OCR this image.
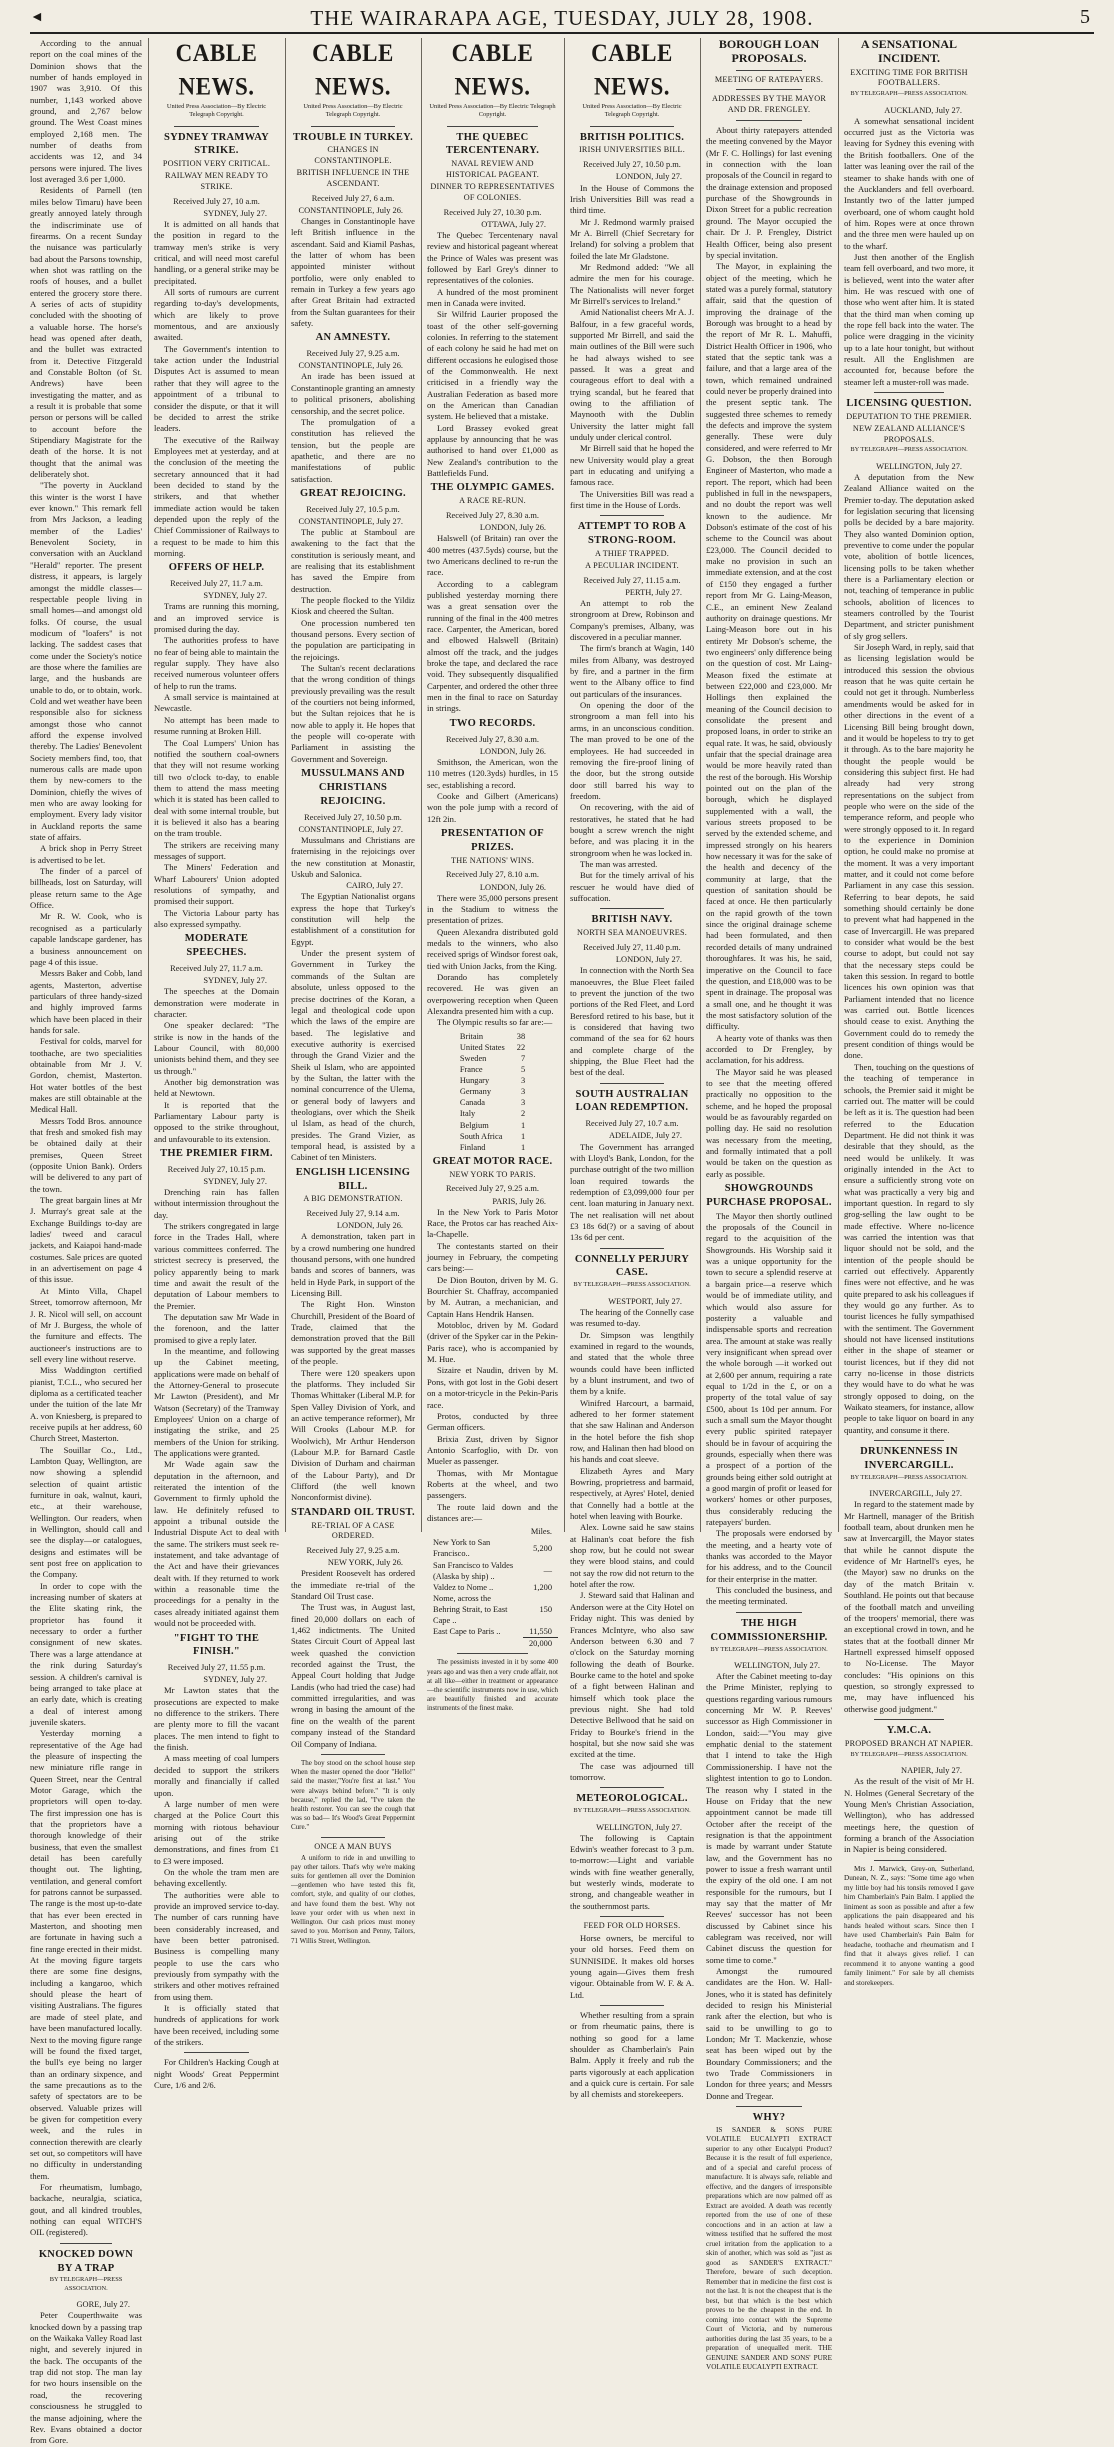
◄	THE WAIRARAPA AGE, TUESDAY, JULY 28, 1908.	5

According to the annual report on the coal mines of the Dominion shows that the number of hands employed in 1907 was 3,910. Of this number, 1,143 worked above ground, and 2,767 below ground. The West Coast mines employed 2,168 men. The number of deaths from accidents was 12, and 34 persons were injured. The lives lost averaged 3.6 per 1,000.

Residents of Parnell (ten miles below Timaru) have been greatly annoyed lately through the indiscriminate use of firearms. On a recent Sunday the nuisance was particularly bad about the Parsons township, when shot was rattling on the roofs of houses, and a bullet entered the grocery store there. A series of acts of stupidity concluded with the shooting of a valuable horse. The horse's head was opened after death, and the bullet was extracted from it. Detective Fitzgerald and Constable Bolton (of St. Andrews) have been investigating the matter, and as a result it is probable that some person or persons will be called to account before the Stipendiary Magistrate for the death of the horse. It is not thought that the animal was deliberately shot.

"The poverty in Auckland this winter is the worst I have ever known." This remark fell from Mrs Jackson, a leading member of the Ladies' Benevolent Society, in conversation with an Auckland "Herald" reporter. The present distress, it appears, is largely amongst the middle classes—respectable people living in small homes—and amongst old folks. Of course, the usual modicum of "loafers" is not lacking. The saddest cases that come under the Society's notice are those where the families are large, and the husbands are unable to do, or to obtain, work. Cold and wet weather have been responsible also for sickness amongst those who cannot afford the expense involved thereby. The Ladies' Benevolent Society members find, too, that numerous calls are made upon them by new-comers to the Dominion, chiefly the wives of men who are away looking for employment. Every lady visitor in Auckland reports the same state of affairs.

A brick shop in Perry Street is advertised to be let.

The finder of a parcel of billheads, lost on Saturday, will please return same to the Age Office.

Mr R. W. Cook, who is recognised as a particularly capable landscape gardener, has a business announcement on page 4 of this issue.

Messrs Baker and Cobb, land agents, Masterton, advertise particulars of three handy-sized and highly improved farms which have been placed in their hands for sale.

Festival for colds, marvel for toothache, are two specialities obtainable from Mr J. V. Gordon, chemist, Masterton. Hot water bottles of the best makes are still obtainable at the Medical Hall.

Messrs Todd Bros. announce that fresh and smoked fish may be obtained daily at their premises, Queen Street (opposite Union Bank). Orders will be delivered to any part of the town.

The great bargain lines at Mr J. Murray's great sale at the Exchange Buildings to-day are ladies' tweed and caracul jackets, and Kaiapoi hand-made costumes. Sale prices are quoted in an advertisement on page 4 of this issue.

At Minto Villa, Chapel Street, tomorrow afternoon, Mr J. R. Nicol will sell, on account of Mr J. Burgess, the whole of the furniture and effects. The auctioneer's instructions are to sell every line without reserve.

Miss Waddington certified pianist, T.C.L., who secured her diploma as a certificated teacher under the tuition of the late Mr A. von Kniesberg, is prepared to receive pupils at her address, 60 Church Street, Masterton.

The Souillar Co., Ltd., Lambton Quay, Wellington, are now showing a splendid selection of quaint artistic furniture in oak, walnut, kauri, etc., at their warehouse, Wellington. Our readers, when in Wellington, should call and see the display—or catalogues, designs and estimates will be sent post free on application to the Company.

In order to cope with the increasing number of skaters at the Elite skating rink, the proprietor has found it necessary to order a further consignment of new skates. There was a large attendance at the rink during Saturday's session. A children's carnival is being arranged to take place at an early date, which is creating a deal of interest among juvenile skaters.

Yesterday morning a representative of the Age had the pleasure of inspecting the new miniature rifle range in Queen Street, near the Central Motor Garage, which the proprietors will open to-day. The first impression one has is that the proprietors have a thorough knowledge of their business, that even the smallest detail has been carefully thought out. The lighting, ventilation, and general comfort for patrons cannot be surpassed. The range is the most up-to-date that has ever been erected in Masterton, and shooting men are fortunate in having such a fine range erected in their midst. At the moving figure targets there are some fine designs, including a kangaroo, which should please the heart of visiting Australians. The figures are made of steel plate, and have been manufactured locally. Next to the moving figure range will be found the fixed target, the bull's eye being no larger than an ordinary sixpence, and the same precautions as to the safety of spectators are to be observed. Valuable prizes will be given for competition every week, and the rules in connection therewith are clearly set out, so competitors will have no difficulty in understanding them.

For rheumatism, lumbago, backache, neuralgia, sciatica, gout, and all kindred troubles, nothing can equal WITCH'S OIL (registered).

KNOCKED DOWN BY A TRAP
BY TELEGRAPH—PRESS ASSOCIATION.
GORE, July 27.

Peter Couperthwaite was knocked down by a passing trap on the Waikaka Valley Road last night, and severely injured in the back. The occupants of the trap did not stop. The man lay for two hours insensible on the road, the recovering consciousness he struggled to the manse adjoining, where the Rev. Evans obtained a doctor from Gore.

CABLE NEWS.
United Press Association—By Electric Telegraph Copyright.
SYDNEY TRAMWAY STRIKE.
POSITION VERY CRITICAL.
RAILWAY MEN READY TO STRIKE.
Received July 27, 10 a.m.
SYDNEY, July 27.

It is admitted on all hands that the position in regard to the tramway men's strike is very critical, and will need most careful handling, or a general strike may be precipitated.

All sorts of rumours are current regarding to-day's developments, which are likely to prove momentous, and are anxiously awaited.

The Government's intention to take action under the Industrial Disputes Act is assumed to mean rather that they will agree to the appointment of a tribunal to consider the dispute, or that it will be decided to arrest the strike leaders.

The executive of the Railway Employees met at yesterday, and at the conclusion of the meeting the secretary announced that it had been decided to stand by the strikers, and that whether immediate action would be taken depended upon the reply of the Chief Commissioner of Railways to a request to be made to him this morning.

OFFERS OF HELP.
Received July 27, 11.7 a.m.
SYDNEY, July 27.

Trams are running this morning, and an improved service is promised during the day.

The authorities profess to have no fear of being able to maintain the regular supply. They have also received numerous volunteer offers of help to run the trams.

A small service is maintained at Newcastle.

No attempt has been made to resume running at Broken Hill.

The Coal Lumpers' Union has notified the southern coal-owners that they will not resume working till two o'clock to-day, to enable them to attend the mass meeting which it is stated has been called to deal with some internal trouble, but it is believed it also has a bearing on the tram trouble.

The strikers are receiving many messages of support.

The Miners' Federation and Wharf Labourers' Union adopted resolutions of sympathy, and promised their support.

The Victoria Labour party has also expressed sympathy.

MODERATE SPEECHES.
Received July 27, 11.7 a.m.
SYDNEY, July 27.

The speeches at the Domain demonstration were moderate in character.

One speaker declared: "The strike is now in the hands of the Labour Council, with 80,000 unionists behind them, and they see us through."

Another big demonstration was held at Newtown.

It is reported that the Parliamentary Labour party is opposed to the strike throughout, and unfavourable to its extension.

THE PREMIER FIRM.
Received July 27, 10.15 p.m.
SYDNEY, July 27.

Drenching rain has fallen without intermission throughout the day.

The strikers congregated in large force in the Trades Hall, where various committees conferred. The strictest secrecy is preserved, the policy apparently being to mark time and await the result of the deputation of Labour members to the Premier.

The deputation saw Mr Wade in the forenoon, and the latter promised to give a reply later.

In the meantime, and following up the Cabinet meeting, applications were made on behalf of the Attorney-General to prosecute Mr Lawton (President), and Mr Watson (Secretary) of the Tramway Employees' Union on a charge of instigating the strike, and 25 members of the Union for striking. The applications were granted.

Mr Wade again saw the deputation in the afternoon, and reiterated the intention of the Government to firmly uphold the law. He definitely refused to appoint a tribunal outside the Industrial Dispute Act to deal with the same. The strikers must seek re-instatement, and take advantage of the Act and have their grievances dealt with. If they returned to work within a reasonable time the proceedings for a penalty in the cases already initiated against them would not be proceeded with.

"FIGHT TO THE FINISH."
Received July 27, 11.55 p.m.
SYDNEY, July 27.

Mr Lawton states that the prosecutions are expected to make no difference to the strikers. There are plenty more to fill the vacant places. The men intend to fight to the finish.

A mass meeting of coal lumpers decided to support the strikers morally and financially if called upon.

A large number of men were charged at the Police Court this morning with riotous behaviour arising out of the strike demonstrations, and fines from £1 to £3 were imposed.

On the whole the tram men are behaving excellently.

The authorities were able to provide an improved service to-day. The number of cars running have been considerably increased, and have been better patronised. Business is compelling many people to use the cars who previously from sympathy with the strikers and other motives refrained from using them.

It is officially stated that hundreds of applications for work have been received, including some of the strikers.

For Children's Hacking Cough at night Woods' Great Peppermint Cure, 1/6 and 2/6.

CABLE NEWS.
United Press Association—By Electric Telegraph Copyright.
TROUBLE IN TURKEY.
CHANGES IN CONSTANTINOPLE.
BRITISH INFLUENCE IN THE ASCENDANT.
Received July 27, 6 a.m.
CONSTANTINOPLE, July 26.

Changes in Constantinople have left British influence in the ascendant. Said and Kiamil Pashas, the latter of whom has been appointed minister without portfolio, were only enabled to remain in Turkey a few years ago after Great Britain had extracted from the Sultan guarantees for their safety.

AN AMNESTY.
Received July 27, 9.25 a.m.
CONSTANTINOPLE, July 26.

An irade has been issued at Constantinople granting an amnesty to political prisoners, abolishing censorship, and the secret police.

The promulgation of a constitution has relieved the tension, but the people are apathetic, and there are no manifestations of public satisfaction.

GREAT REJOICING.
Received July 27, 10.5 p.m.
CONSTANTINOPLE, July 27.

The public at Stamboul are awakening to the fact that the constitution is seriously meant, and are realising that its establishment has saved the Empire from destruction.

The people flocked to the Yildiz Kiosk and cheered the Sultan.

One procession numbered ten thousand persons. Every section of the population are participating in the rejoicings.

The Sultan's recent declarations that the wrong condition of things previously prevailing was the result of the courtiers not being informed, but the Sultan rejoices that he is now able to apply it. He hopes that the people will co-operate with Parliament in assisting the Government and Sovereign.

MUSSULMANS AND CHRISTIANS REJOICING.
Received July 27, 10.50 p.m.
CONSTANTINOPLE, July 27.

Mussulmans and Christians are fraternising in the rejoicings over the new constitution at Monastir, Uskub and Salonica.

CAIRO, July 27.

The Egyptian Nationalist organs express the hope that Turkey's constitution will help the establishment of a constitution for Egypt.

Under the present system of Government in Turkey the commands of the Sultan are absolute, unless opposed to the precise doctrines of the Koran, a legal and theological code upon which the laws of the empire are based. The legislative and executive authority is exercised through the Grand Vizier and the Sheik ul Islam, who are appointed by the Sultan, the latter with the nominal concurrence of the Ulema, or general body of lawyers and theologians, over which the Sheik ul Islam, as head of the church, presides. The Grand Vizier, as temporal head, is assisted by a Cabinet of ten Ministers.

ENGLISH LICENSING BILL.
A BIG DEMONSTRATION.
Received July 27, 9.14 a.m.
LONDON, July 26.

A demonstration, taken part in by a crowd numbering one hundred thousand persons, with one hundred bands and scores of banners, was held in Hyde Park, in support of the Licensing Bill.

The Right Hon. Winston Churchill, President of the Board of Trade, claimed that the demonstration proved that the Bill was supported by the great masses of the people.

There were 120 speakers upon the platforms. They included Sir Thomas Whittaker (Liberal M.P. for Spen Valley Division of York, and an active temperance reformer), Mr Will Crooks (Labour M.P. for Woolwich), Mr Arthur Henderson (Labour M.P. for Barnard Castle Division of Durham and chairman of the Labour Party), and Dr Clifford (the well known Nonconformist divine).

STANDARD OIL TRUST.
RE-TRIAL OF A CASE ORDERED.
Received July 27, 9.25 a.m.
NEW YORK, July 26.

President Roosevelt has ordered the immediate re-trial of the Standard Oil Trust case.

The Trust was, in August last, fined 20,000 dollars on each of 1,462 indictments. The United States Circuit Court of Appeal last week quashed the conviction recorded against the Trust, the Appeal Court holding that Judge Landis (who had tried the case) had committed irregularities, and was wrong in basing the amount of the fine on the wealth of the parent company instead of the Standard Oil Company of Indiana.

The boy stood on the school house step When the master opened the door "Hello!" said the master,"You're first at last." You were always behind before." "It is only because," replied the lad, "I've taken the health restorer. You can see the cough that was so bad— It's Wood's Great Peppermint Cure."

ONCE A MAN BUYS

A uniform to ride in and unwilling to pay other tailors. That's why we're making suits for gentlemen all over the Dominion—gentlemen who have tested this fit, comfort, style, and quality of our clothes, and have found them the best. Why not leave your order with us when next in Wellington. Our cash prices must money saved to you. Morrison and Penny, Tailors, 71 Willis Street, Wellington.

CABLE NEWS.
United Press Association—By Electric Telegraph Copyright.
THE QUEBEC TERCENTENARY.
NAVAL REVIEW AND HISTORICAL PAGEANT.
DINNER TO REPRESENTATIVES OF COLONIES.
Received July 27, 10.30 p.m.
OTTAWA, July 27.

The Quebec Tercentenary naval review and historical pageant whereat the Prince of Wales was present was followed by Earl Grey's dinner to representatives of the colonies.

A hundred of the most prominent men in Canada were invited.

Sir Wilfrid Laurier proposed the toast of the other self-governing colonies. In referring to the statement of each colony he said he had met on different occasions he eulogised those of the Commonwealth. He next criticised in a friendly way the Australian Federation as based more on the American than Canadian system. He believed that a mistake.

Lord Brassey evoked great applause by announcing that he was authorised to hand over £1,000 as New Zealand's contribution to the Battlefields Fund.

THE OLYMPIC GAMES.
A RACE RE-RUN.
Received July 27, 8.30 a.m.
LONDON, July 26.

Halswell (of Britain) ran over the 400 metres (437.5yds) course, but the two Americans declined to re-run the race.

According to a cablegram published yesterday morning there was a great sensation over the running of the final in the 400 metres race. Carpenter, the American, bored and elbowed Halswell (Britain) almost off the track, and the judges broke the tape, and declared the race void. They subsequently disqualified Carpenter, and ordered the other three men in the final to race on Saturday in strings.

TWO RECORDS.
Received July 27, 8.30 a.m.
LONDON, July 26.

Smithson, the American, won the 110 metres (120.3yds) hurdles, in 15 sec, establishing a record.

Cooke and Gilbert (Americans) won the pole jump with a record of 12ft 2in.

PRESENTATION OF PRIZES.
THE NATIONS' WINS.
Received July 27, 8.10 a.m.
LONDON, July 26.

There were 35,000 persons present in the Stadium to witness the presentation of prizes.

Queen Alexandra distributed gold medals to the winners, who also received sprigs of Windsor forest oak, tied with Union Jacks, from the King.

Dorando has completely recovered. He was given an overpowering reception when Queen Alexandra presented him with a cup.

The Olympic results so far are:—

Britain	38
United States	22
Sweden	7
France	5
Hungary	3
Germany	3
Canada	3
Italy	2
Belgium	1
South Africa	1
Finland	1
GREAT MOTOR RACE.
NEW YORK TO PARIS.
Received July 27, 9.25 a.m.
PARIS, July 26.

In the New York to Paris Motor Race, the Protos car has reached Aix-la-Chapelle.

The contestants started on their journey in February, the competing cars being:—

De Dion Bouton, driven by M. G. Bourchier St. Chaffray, accompanied by M. Autran, a mechanician, and Captain Hans Hendrik Hansen.

Motobloc, driven by M. Godard (driver of the Spyker car in the Pekin-Paris race), who is accompanied by M. Hue.

Sizaire et Naudin, driven by M. Pons, with got lost in the Gobi desert on a motor-tricycle in the Pekin-Paris race.

Protos, conducted by three German officers.

Brixia Zust, driven by Signor Antonio Scarfoglio, with Dr. von Mueler as passenger.

Thomas, with Mr Montague Roberts at the wheel, and two passengers.

The route laid down and the distances are:—

	Miles.
New York to San Francisco..	5,200
San Francisco to Valdes (Alaska by ship) ..	—
Valdez to Nome ..	1,200
Nome, across the Behring Strait, to East Cape ..	150
East Cape to Paris ..	11,550
	20,000

The pessimists invested in it by some 400 years ago and was then a very crude affair, not at all like—either in treatment or appearance—the scientific instruments now in use, which are beautifully finished and accurate instruments of the finest make.

CABLE NEWS.
United Press Association—By Electric Telegraph Copyright.
BRITISH POLITICS.
IRISH UNIVERSITIES BILL.
Received July 27, 10.50 p.m.
LONDON, July 27.

In the House of Commons the Irish Universities Bill was read a third time.

Mr J. Redmond warmly praised Mr A. Birrell (Chief Secretary for Ireland) for solving a problem that foiled the late Mr Gladstone.

Mr Redmond added: "We all admire the men for his courage. The Nationalists will never forget Mr Birrell's services to Ireland."

Amid Nationalist cheers Mr A. J. Balfour, in a few graceful words, supported Mr Birrell, and said the main outlines of the Bill were such he had always wished to see passed. It was a great and courageous effort to deal with a trying scandal, but he feared that owing to the affiliation of Maynooth with the Dublin University the latter might fall unduly under clerical control.

Mr Birrell said that he hoped the new University would play a great part in educating and unifying a famous race.

The Universities Bill was read a first time in the House of Lords.

ATTEMPT TO ROB A STRONG-ROOM.
A THIEF TRAPPED.
A PECULIAR INCIDENT.
Received July 27, 11.15 a.m.
PERTH, July 27.

An attempt to rob the strongroom at Drew, Robinson and Company's premises, Albany, was discovered in a peculiar manner.

The firm's branch at Wagin, 140 miles from Albany, was destroyed by fire, and a partner in the firm went to the Albany office to find out particulars of the insurances.

On opening the door of the strongroom a man fell into his arms, in an unconscious condition. The man proved to be one of the employees. He had succeeded in removing the fire-proof lining of the door, but the strong outside door still barred his way to freedom.

On recovering, with the aid of restoratives, he stated that he had bought a screw wrench the night before, and was placing it in the strongroom when he was locked in.

The man was arrested.

But for the timely arrival of his rescuer he would have died of suffocation.

BRITISH NAVY.
NORTH SEA MANOEUVRES.
Received July 27, 11.40 p.m.
LONDON, July 27.

In connection with the North Sea manoeuvres, the Blue Fleet failed to prevent the junction of the two portions of the Red Fleet, and Lord Beresford retired to his base, but it is considered that having two command of the sea for 62 hours and complete charge of the shipping, the Blue Fleet had the best of the deal.

SOUTH AUSTRALIAN LOAN REDEMPTION.
Received July 27, 10.7 a.m.
ADELAIDE, July 27.

The Government has arranged with Lloyd's Bank, London, for the purchase outright of the two million loan required towards the redemption of £3,099,000 four per cent. loan maturing in January next. The net realisation will net about £3 18s 6d(?) or a saving of about 13s 6d per cent.

CONNELLY PERJURY CASE.
BY TELEGRAPH—PRESS ASSOCIATION.
WESTPORT, July 27.

The hearing of the Connelly case was resumed to-day.

Dr. Simpson was lengthily examined in regard to the wounds, and stated that the whole three wounds could have been inflicted by a blunt instrument, and two of them by a knife.

Winifred Harcourt, a barmaid, adhered to her former statement that she saw Halinan and Anderson in the hotel before the fish shop row, and Halinan then had blood on his hands and coat sleeve.

Elizabeth Ayres and Mary Bowring, proprietress and barmaid, respectively, at Ayres' Hotel, denied that Connelly had a bottle at the hotel when leaving with Bourke.

Alex. Lowne said he saw stains at Halinan's coat before the fish shop row, but he could not swear they were blood stains, and could not say the row did not return to the hotel after the row.

J. Steward said that Halinan and Anderson were at the City Hotel on Friday night. This was denied by Frances McIntyre, who also saw Anderson between 6.30 and 7 o'clock on the Saturday morning following the death of Bourke. Bourke came to the hotel and spoke of a fight between Halinan and himself which took place the previous night. She had told Detective Bellwood that he said on Friday to Bourke's friend in the hospital, but she now said she was excited at the time.

The case was adjourned till tomorrow.

METEOROLOGICAL.
BY TELEGRAPH—PRESS ASSOCIATION.
WELLINGTON, July 27.

The following is Captain Edwin's weather forecast to 3 p.m. to-morrow:—Light and variable winds with fine weather generally, but westerly winds, moderate to strong, and changeable weather in the southernmost parts.

FEED FOR OLD HORSES.

Horse owners, be merciful to your old horses. Feed them on SUNNISIDE. It makes old horses young again—Gives them fresh vigour. Obtainable from W. F. & A. Ltd.

Whether resulting from a sprain or from rheumatic pains, there is nothing so good for a lame shoulder as Chamberlain's Pain Balm. Apply it freely and rub the parts vigorously at each application and a quick cure is certain. For sale by all chemists and storekeepers.

BOROUGH LOAN PROPOSALS.
MEETING OF RATEPAYERS.
ADDRESSES BY THE MAYOR AND DR. FRENGLEY.

About thirty ratepayers attended the meeting convened by the Mayor (Mr F. C. Hollings) for last evening in connection with the loan proposals of the Council in regard to the drainage extension and proposed purchase of the Showgrounds in Dixon Street for a public recreation ground. The Mayor occupied the chair. Dr J. P. Frengley, District Health Officer, being also present by special invitation.

The Mayor, in explaining the object of the meeting, which he stated was a purely formal, statutory affair, said that the question of improving the drainage of the Borough was brought to a head by the report of Mr R. L. Mahuffi, District Health Officer in 1906, who stated that the septic tank was a failure, and that a large area of the town, which remained undrained could never be properly drained into the present septic tank. The suggested three schemes to remedy the defects and improve the system generally. These were duly considered, and were referred to Mr G. Dobson, the then Borough Engineer of Masterton, who made a report. The report, which had been published in full in the newspapers, and no doubt the report was well known to the audience. Mr Dobson's estimate of the cost of his scheme to the Council was about £23,000. The Council decided to make no provision in such an immediate extension, and at the cost of £150 they engaged a further report from Mr G. Laing-Meason, C.E., an eminent New Zealand authority on drainage questions. Mr Laing-Meason bore out in his entirety Mr Dobson's scheme, the two engineers' only difference being on the question of cost. Mr Laing-Meason fixed the estimate at between £22,000 and £23,000. Mr Hollings then explained the meaning of the Council decision to consolidate the present and proposed loans, in order to strike an equal rate. It was, he said, obviously unfair that the special drainage area would be more heavily rated than the rest of the borough. His Worship pointed out on the plan of the borough, which he displayed supplemented with a wall, the various streets proposed to be served by the extended scheme, and impressed strongly on his hearers how necessary it was for the sake of the health and decency of the community at large, that the question of sanitation should be faced at once. He then particularly on the rapid growth of the town since the original drainage scheme had been formulated, and then recorded details of many undrained thoroughfares. It was his, he said, imperative on the Council to face the question, and £18,000 was to be spent in drainage. The proposal was a small one, and he thought it was the most satisfactory solution of the difficulty.

A hearty vote of thanks was then accorded to Dr Frengley, by acclamation, for his address.

The Mayor said he was pleased to see that the meeting offered practically no opposition to the scheme, and he hoped the proposal would be as favourably regarded on polling day. He said no resolution was necessary from the meeting, and formally intimated that a poll would be taken on the question as early as possible.

SHOWGROUNDS PURCHASE PROPOSAL.

The Mayor then shortly outlined the proposals of the Council in regard to the acquisition of the Showgrounds. His Worship said it was a unique opportunity for the town to secure a splendid reserve at a bargain price—a reserve which would be of immediate utility, and which would also assure for posterity a valuable and indispensable sports and recreation area. The amount at stake was really very insignificant when spread over the whole borough —it worked out at 2,600 per annum, requiring a rate equal to 1/2d in the £, or on a property of the total value of say £500, about 1s 10d per annum. For such a small sum the Mayor thought every public spirited ratepayer should be in favour of acquiring the grounds, especially when there was a prospect of a portion of the grounds being either sold outright at a good margin of profit or leased for workers' homes or other purposes, thus considerably reducing the ratepayers' burden.

The proposals were endorsed by the meeting, and a hearty vote of thanks was accorded to the Mayor for his address, and to the Council for their enterprise in the matter.

This concluded the business, and the meeting terminated.

THE HIGH COMMISSIONERSHIP.
BY TELEGRAPH—PRESS ASSOCIATION.
WELLINGTON, July 27.

After the Cabinet meeting to-day the Prime Minister, replying to questions regarding various rumours concerning Mr W. P. Reeves' successor as High Commissioner in London, said:—"You may give emphatic denial to the statement that I intend to take the High Commissionership. I have not the slightest intention to go to London. The reason why I stated in the House on Friday that the new appointment cannot be made till October after the receipt of the resignation is that the appointment is made by warrant under Statute law, and the Government has no power to issue a fresh warrant until the expiry of the old one. I am not responsible for the rumours, but I may say that the matter of Mr Reeves' successor has not been discussed by Cabinet since his cablegram was received, nor will Cabinet discuss the question for some time to come."

Amongst the rumoured candidates are the Hon. W. Hall-Jones, who it is stated has definitely decided to resign his Ministerial rank after the election, but who is said to be unwilling to go to London; Mr T. Mackenzie, whose seat has been wiped out by the Boundary Commissioners; and the two Trade Commissioners in London for three years; and Messrs Donne and Tregear.

WHY?

IS SANDER & SONS PURE VOLATILE EUCALYPTI EXTRACT superior to any other Eucalypti Product? Because it is the result of full experience, and of a special and careful process of manufacture. It is always safe, reliable and effective, and the dangers of irresponsible preparations which are now palmed off as Extract are avoided. A death was recently reported from the use of one of these concoctions and in an action at law a witness testified that he suffered the most cruel irritation from the application to a skin of another, which was sold as "just as good as SANDER'S EXTRACT." Therefore, beware of such deception. Remember that in medicine the first cost is not the last. It is not the cheapest that is the best, but that which is the best which proves to be the cheapest in the end. In coming into contact with the Supreme Court of Victoria, and by numerous authorities during the last 35 years, to be a preparation of unequalled merit. THE GENUINE SANDER AND SONS' PURE VOLATILE EUCALYPTI EXTRACT.

A SENSATIONAL INCIDENT.
EXCITING TIME FOR BRITISH FOOTBALLERS.
BY TELEGRAPH—PRESS ASSOCIATION.
AUCKLAND, July 27.

A somewhat sensational incident occurred just as the Victoria was leaving for Sydney this evening with the British footballers. One of the latter was leaning over the rail of the steamer to shake hands with one of the Aucklanders and fell overboard. Instantly two of the latter jumped overboard, one of whom caught hold of him. Ropes were at once thrown and the three men were hauled up on to the wharf.

Just then another of the English team fell overboard, and two more, it is believed, went into the water after him. He was rescued with one of those who went after him. It is stated that the third man when coming up the rope fell back into the water. The police were dragging in the vicinity up to a late hour tonight, but without result. All the Englishmen are accounted for, because before the steamer left a muster-roll was made.

LICENSING QUESTION.
DEPUTATION TO THE PREMIER.
NEW ZEALAND ALLIANCE'S PROPOSALS.
BY TELEGRAPH—PRESS ASSOCIATION.
WELLINGTON, July 27.

A deputation from the New Zealand Alliance waited on the Premier to-day. The deputation asked for legislation securing that licensing polls be decided by a bare majority. They also wanted Dominion option, preventive to come under the popular vote, abolition of bottle licences, licensing polls to be taken whether there is a Parliamentary election or not, teaching of temperance in public schools, abolition of licences to steamers controlled by the Tourist Department, and stricter punishment of sly grog sellers.

Sir Joseph Ward, in reply, said that as licensing legislation would be introduced this session the obvious reason that he was quite certain he could not get it through. Numberless amendments would be asked for in other directions in the event of a Licensing Bill being brought down, and it would be hopeless to try to get it through. As to the bare majority he thought the people would be considering this subject first. He had already had very strong representations on the subject from people who were on the side of the temperance reform, and people who were strongly opposed to it. In regard to the experience in Dominion option, he could make no promise at the moment. It was a very important matter, and it could not come before Parliament in any case this session. Referring to bear depots, he said something should certainly be done to prevent what had happened in the case of Invercargill. He was prepared to consider what would be the best course to adopt, but could not say that the necessary steps could be taken this session. In regard to bottle licences his own opinion was that Parliament intended that no licence was carried out. Bottle licences should cease to exist. Anything the Government could do to remedy the present condition of things would be done.

Then, touching on the questions of the teaching of temperance in schools, the Premier said it might be carried out. The matter will be could be left as it is. The question had been referred to the Education Department. He did not think it was desirable that they should, as the need would be unlikely. It was originally intended in the Act to ensure a sufficiently strong vote on what was practically a very big and important question. In regard to sly grog-selling the law ought to be made effective. Where no-licence was carried the intention was that liquor should not be sold, and the intention of the people should be carried out effectively. Apparently fines were not effective, and he was quite prepared to ask his colleagues if they would go any further. As to tourist licences he fully sympathised with the sentiment. The Government should not have licensed institutions either in the shape of steamer or tourist licences, but if they did not carry no-license in those districts they would have to do what he was strongly opposed to doing, on the Waikato steamers, for instance, allow people to take liquor on board in any quantity, and consume it there.

DRUNKENNESS IN INVERCARGILL.
BY TELEGRAPH—PRESS ASSOCIATION.
INVERCARGILL, July 27.

In regard to the statement made by Mr Hartnell, manager of the British football team, about drunken men he saw at Invercargill, the Mayor states that while he cannot dispute the evidence of Mr Hartnell's eyes, he (the Mayor) saw no drunks on the day of the match Britain v. Southland. He points out that because of the football match and unveiling of the troopers' memorial, there was an exceptional crowd in town, and he states that at the football dinner Mr Hartnell expressed himself opposed to No-License. The Mayor concludes: "His opinions on this question, so strongly expressed to me, may have influenced his otherwise good judgment."

Y.M.C.A.
PROPOSED BRANCH AT NAPIER.
BY TELEGRAPH—PRESS ASSOCIATION.
NAPIER, July 27.

As the result of the visit of Mr H. N. Holmes (General Secretary of the Young Men's Christian Association, Wellington), who has addressed meetings here, the question of forming a branch of the Association in Napier is being considered.

Mrs J. Marwick, Grey-on, Sutherland, Dunean, N. Z., says: "Some time ago when my little boy had his tonsils removed I gave him Chamberlain's Pain Balm. I applied the liniment as soon as possible and after a few applications the pain disappeared and his hands healed without scars. Since then I have used Chamberlain's Pain Balm for headache, toothache and rheumatism and I find that it always gives relief. I can recommend it to anyone wanting a good family liniment." For sale by all chemists and storekeepers.
